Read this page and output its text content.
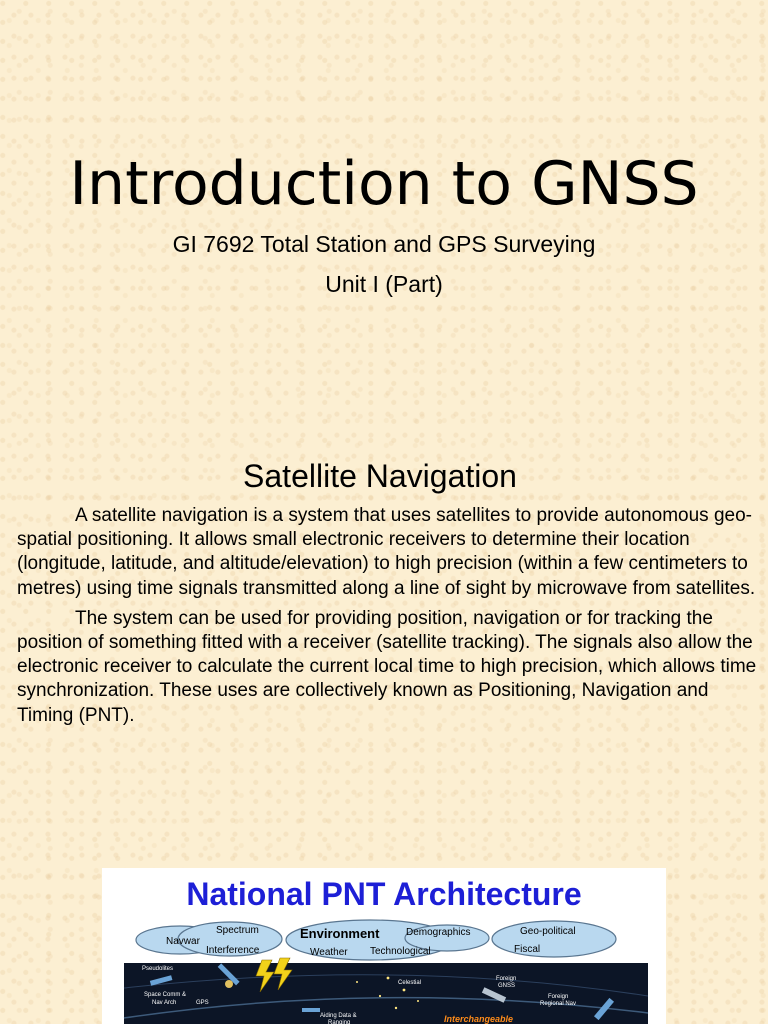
Introduction to GNSS
GI 7692 Total Station and GPS Surveying
Unit I (Part)
Satellite Navigation

A satellite navigation is a system that uses satellites to provide autonomous geo-spatial positioning. It allows small electronic receivers to determine their location (longitude, latitude, and altitude/elevation) to high precision (within a few centimeters to metres) using time signals transmitted along a line of sight by microwave from satellites.

The system can be used for providing position, navigation or for tracking the position of something fitted with a receiver (satellite tracking). The signals also allow the electronic receiver to calculate the current local time to high precision, which allows time synchronization. These uses are collectively known as Positioning, Navigation and Timing (PNT).

National PNT Architecture
Navwar
Spectrum
Interference
Environment
Weather Technological
Demographics	Geo-political
Fiscal
Pseudolites
Space Comm &
Nav Arch	GPS
Celestial
Foreign
GNSS
Foreign
Regional Nav
Aiding Data &
Ranging	Interchangeable
